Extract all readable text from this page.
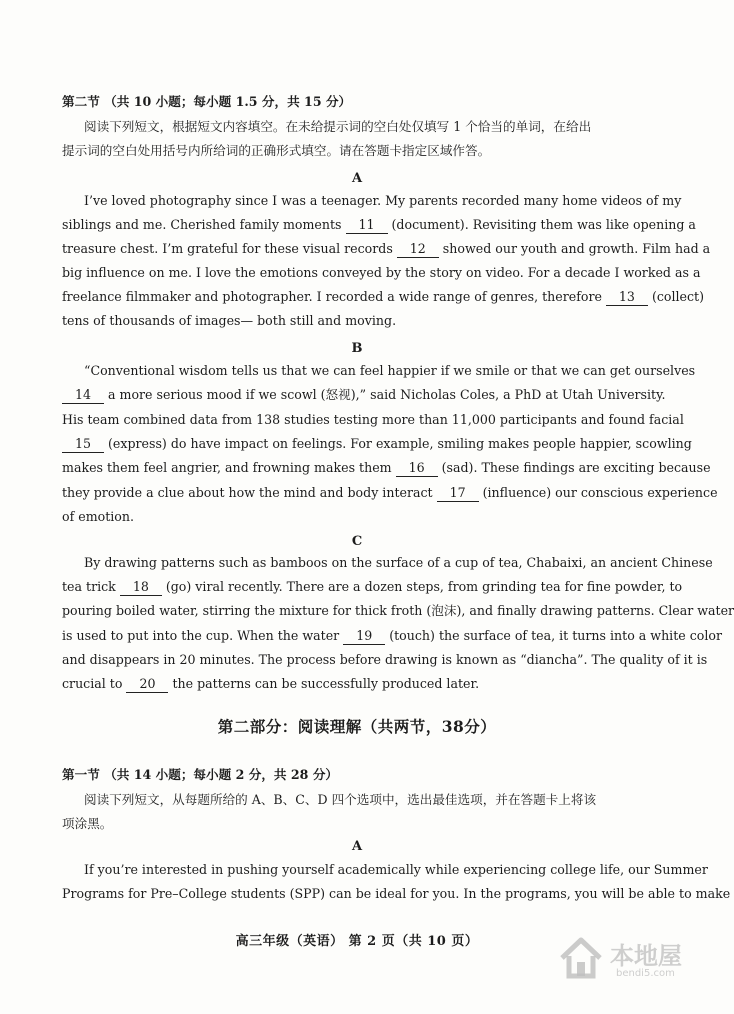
第二节 （共 10 小题；每小题 1.5 分，共 15 分）
阅读下列短文，根据短文内容填空。在未给提示词的空白处仅填写 1 个恰当的单词，在给出
提示词的空白处用括号内所给词的正确形式填空。请在答题卡指定区域作答。
A
I’ve loved photography since I was a teenager. My parents recorded many home videos of my
siblings and me. Cherished family moments 11 (document). Revisiting them was like opening a
treasure chest. I’m grateful for these visual records 12 showed our youth and growth. Film had a
big influence on me. I love the emotions conveyed by the story on video. For a decade I worked as a
freelance filmmaker and photographer. I recorded a wide range of genres, therefore 13 (collect)
tens of thousands of images— both still and moving.
B
“Conventional wisdom tells us that we can feel happier if we smile or that we can get ourselves
14 a more serious mood if we scowl (怒视),” said Nicholas Coles, a PhD at Utah University.
His team combined data from 138 studies testing more than 11,000 participants and found facial
15 (express) do have impact on feelings. For example, smiling makes people happier, scowling
makes them feel angrier, and frowning makes them 16 (sad). These findings are exciting because
they provide a clue about how the mind and body interact 17 (influence) our conscious experience
of emotion.
C
By drawing patterns such as bamboos on the surface of a cup of tea, Chabaixi, an ancient Chinese
tea trick 18 (go) viral recently. There are a dozen steps, from grinding tea for fine powder, to
pouring boiled water, stirring the mixture for thick froth (泡沫), and finally drawing patterns. Clear water
is used to put into the cup. When the water 19 (touch) the surface of tea, it turns into a white color
and disappears in 20 minutes. The process before drawing is known as “diancha”. The quality of it is
crucial to 20 the patterns can be successfully produced later.
第二部分：阅读理解（共两节，38分）
第一节 （共 14 小题；每小题 2 分，共 28 分）
阅读下列短文，从每题所给的 A、B、C、D 四个选项中，选出最佳选项，并在答题卡上将该
项涂黑。
A
If you’re interested in pushing yourself academically while experiencing college life, our Summer
Programs for Pre–College students (SPP) can be ideal for you. In the programs, you will be able to make
高三年级（英语） 第 2 页（共 10 页）
本地屋
bendi5.com
